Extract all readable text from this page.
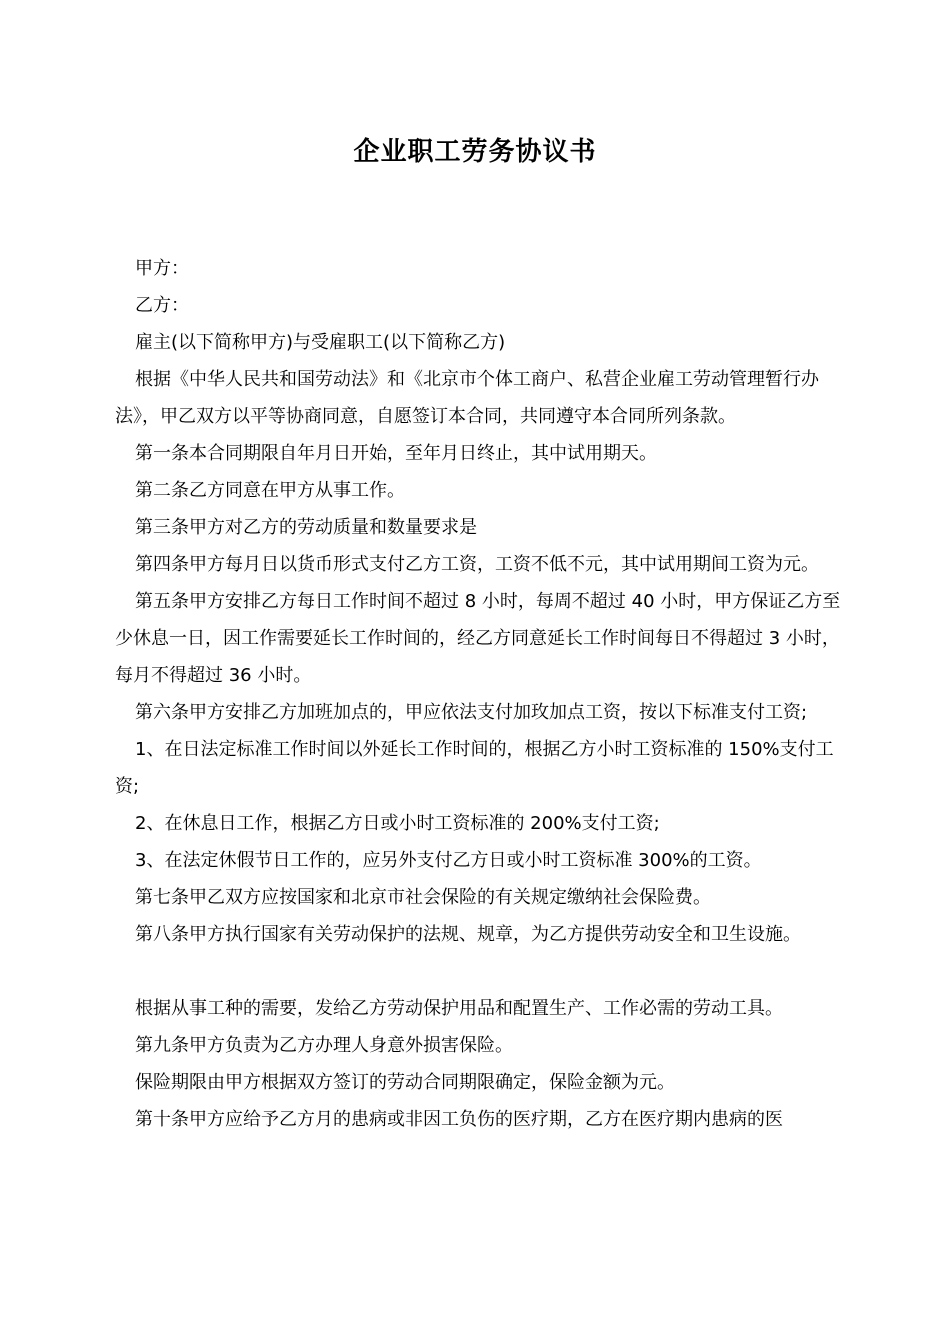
企业职工劳务协议书

甲方：

乙方：

雇主(以下简称甲方)与受雇职工(以下简称乙方)

根据《中华人民共和国劳动法》和《北京市个体工商户、私营企业雇工劳动管理暂行办法》，甲乙双方以平等协商同意，自愿签订本合同，共同遵守本合同所列条款。

第一条本合同期限自年月日开始，至年月日终止，其中试用期天。

第二条乙方同意在甲方从事工作。

第三条甲方对乙方的劳动质量和数量要求是

第四条甲方每月日以货币形式支付乙方工资，工资不低不元，其中试用期间工资为元。

第五条甲方安排乙方每日工作时间不超过 8 小时，每周不超过 40 小时，甲方保证乙方至少休息一日，因工作需要延长工作时间的，经乙方同意延长工作时间每日不得超过 3 小时，每月不得超过 36 小时。

第六条甲方安排乙方加班加点的，甲应依法支付加玫加点工资，按以下标准支付工资;

1、在日法定标准工作时间以外延长工作时间的，根据乙方小时工资标准的 150%支付工资;

2、在休息日工作，根据乙方日或小时工资标准的 200%支付工资;

3、在法定休假节日工作的，应另外支付乙方日或小时工资标准 300%的工资。

第七条甲乙双方应按国家和北京市社会保险的有关规定缴纳社会保险费。

第八条甲方执行国家有关劳动保护的法规、规章，为乙方提供劳动安全和卫生设施。

根据从事工种的需要，发给乙方劳动保护用品和配置生产、工作必需的劳动工具。

第九条甲方负责为乙方办理人身意外损害保险。

保险期限由甲方根据双方签订的劳动合同期限确定，保险金额为元。

第十条甲方应给予乙方月的患病或非因工负伤的医疗期，乙方在医疗期内患病的医
